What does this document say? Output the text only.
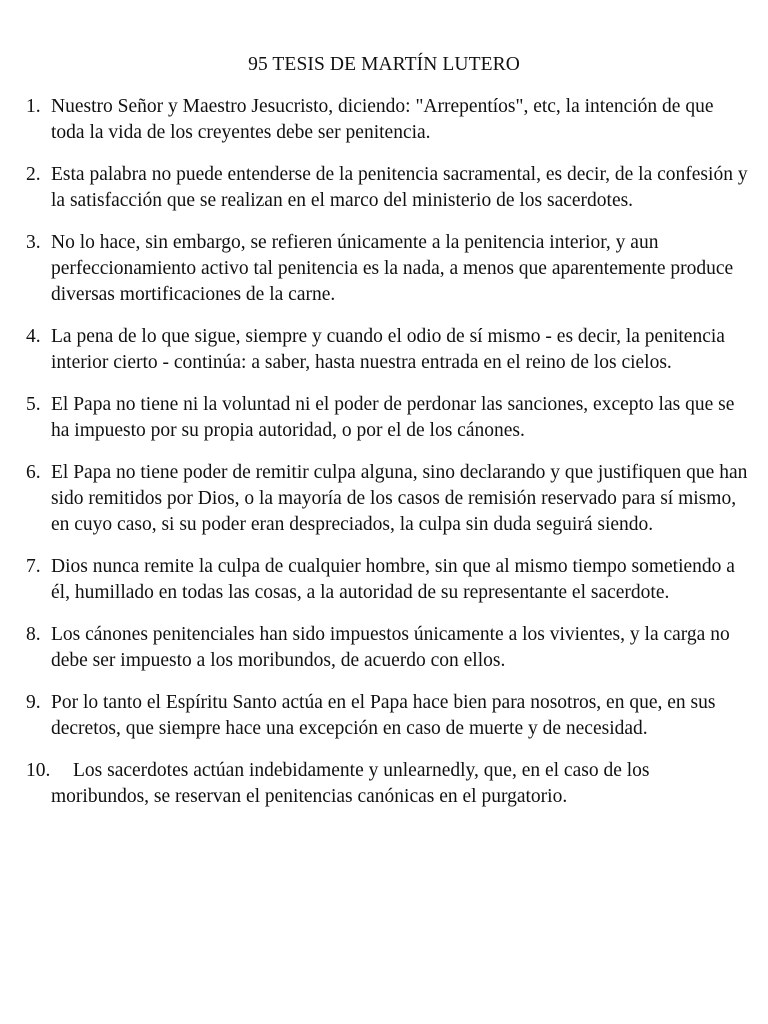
95 TESIS DE MARTÍN LUTERO
1. Nuestro Señor y Maestro Jesucristo, diciendo: "Arrepentíos", etc, la intención de que toda la vida de los creyentes debe ser penitencia.
2. Esta palabra no puede entenderse de la penitencia sacramental, es decir, de la confesión y la satisfacción que se realizan en el marco del ministerio de los sacerdotes.
3. No lo hace, sin embargo, se refieren únicamente a la penitencia interior, y aun perfeccionamiento activo tal penitencia es la nada, a menos que aparentemente produce diversas mortificaciones de la carne.
4. La pena de lo que sigue, siempre y cuando el odio de sí mismo - es decir, la penitencia interior cierto - continúa: a saber, hasta nuestra entrada en el reino de los cielos.
5. El Papa no tiene ni la voluntad ni el poder de perdonar las sanciones, excepto las que se ha impuesto por su propia autoridad, o por el de los cánones.
6. El Papa no tiene poder de remitir culpa alguna, sino declarando y que justifiquen que han sido remitidos por Dios, o la mayoría de los casos de remisión reservado para sí mismo, en cuyo caso, si su poder eran despreciados, la culpa sin duda seguirá siendo.
7. Dios nunca remite la culpa de cualquier hombre, sin que al mismo tiempo sometiendo a él, humillado en todas las cosas, a la autoridad de su representante el sacerdote.
8. Los cánones penitenciales han sido impuestos únicamente a los vivientes, y la carga no debe ser impuesto a los moribundos, de acuerdo con ellos.
9. Por lo tanto el Espíritu Santo actúa en el Papa hace bien para nosotros, en que, en sus decretos, que siempre hace una excepción en caso de muerte y de necesidad.
10. Los sacerdotes actúan indebidamente y unlearnedly, que, en el caso de los moribundos, se reservan el penitencias canónicas en el purgatorio.
